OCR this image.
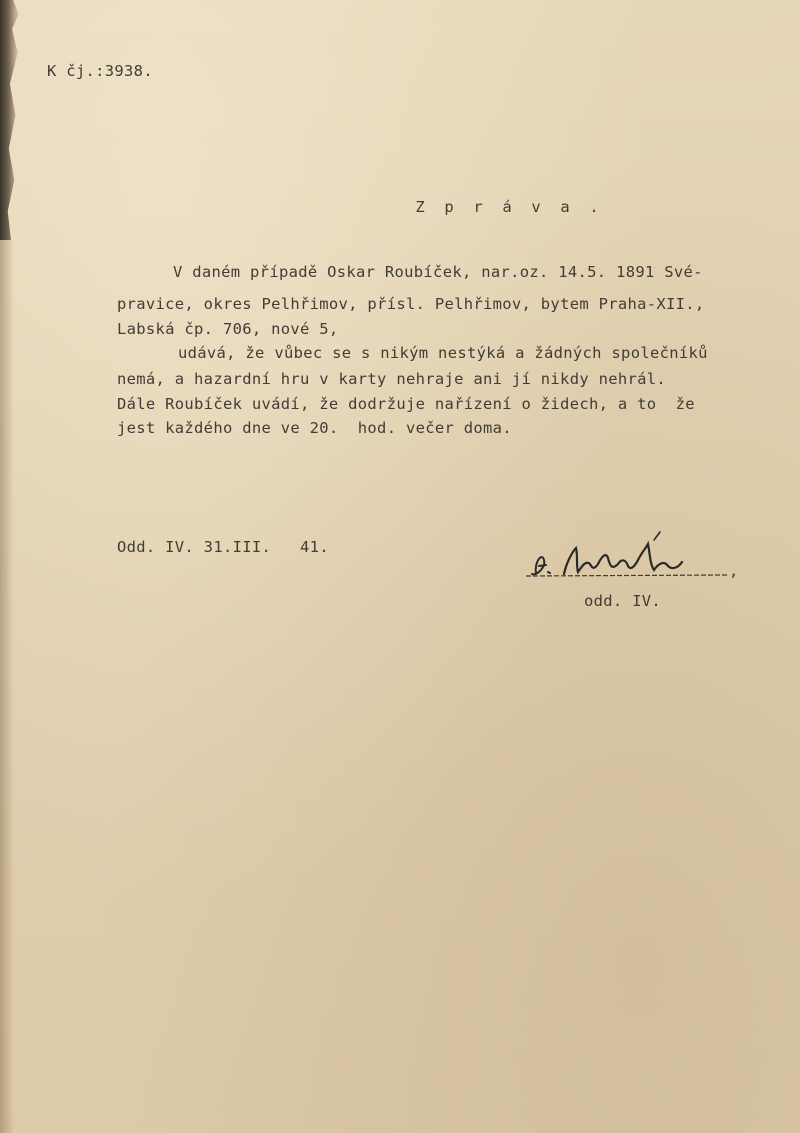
K čj.:3938.

Z p r á v a .

V daném případě Oskar Roubíček, nar.oz. 14.5. 1891 Své-
pravice, okres Pelhřimov, přísl. Pelhřimov, bytem Praha-XII.,
Labská čp. 706, nové 5,
udává, že vůbec se s nikým nestýká a žádných společníků
nemá, a hazardní hru v karty nehraje ani jí nikdy nehrál.
Dále Roubíček uvádí, že dodržuje nařízení o židech, a to  že
jest každého dne ve 20.  hod. večer doma.
Odd. IV. 31.III.   41.
,
odd. IV.
